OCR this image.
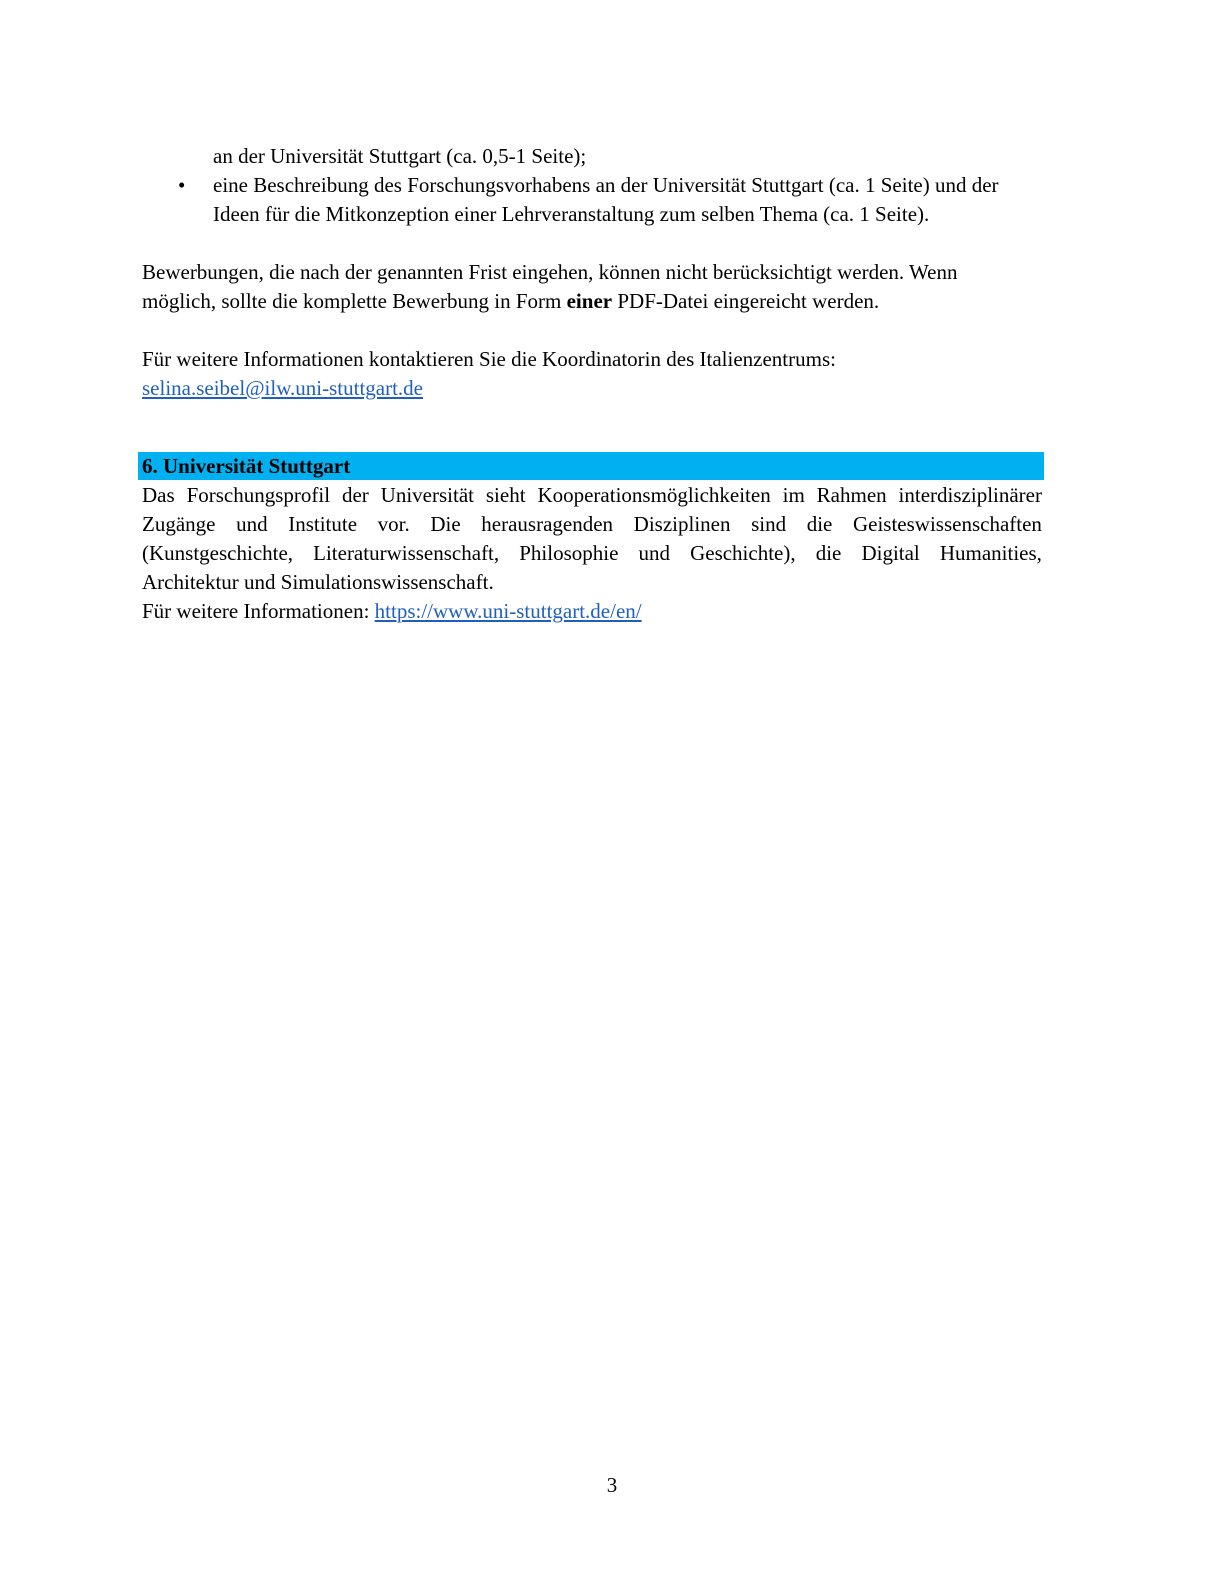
an der Universität Stuttgart (ca. 0,5-1 Seite);
•	eine Beschreibung des Forschungsvorhabens an der Universität Stuttgart (ca. 1 Seite) und der
Ideen für die Mitkonzeption einer Lehrveranstaltung zum selben Thema (ca. 1 Seite).
Bewerbungen, die nach der genannten Frist eingehen, können nicht berücksichtigt werden. Wenn
möglich, sollte die komplette Bewerbung in Form einer PDF-Datei eingereicht werden.
Für weitere Informationen kontaktieren Sie die Koordinatorin des Italienzentrums:
selina.seibel@ilw.uni-stuttgart.de
6. Universität Stuttgart
Das Forschungsprofil der Universität sieht Kooperationsmöglichkeiten im Rahmen interdisziplinärer
Zugänge und Institute vor. Die herausragenden Disziplinen sind die Geisteswissenschaften
(Kunstgeschichte, Literaturwissenschaft, Philosophie und Geschichte), die Digital Humanities,
Architektur und Simulationswissenschaft.
Für weitere Informationen: https://www.uni-stuttgart.de/en/
3
